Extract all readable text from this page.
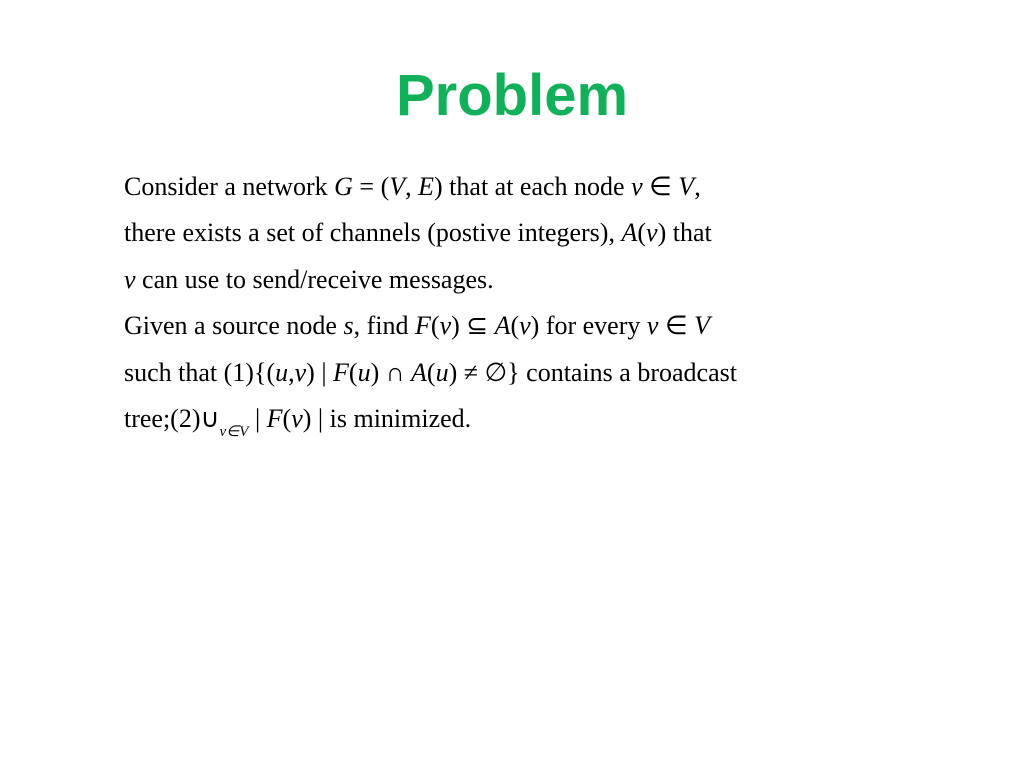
Problem
Consider a network G = (V, E) that at each node v ∈ V,
there exists a set of channels (postive integers), A(v) that
v can use to send/receive messages.
Given a source node s, find F(v) ⊆ A(v) for every v ∈ V
such that (1){(u,v) | F(u) ∩ A(u) ≠ ∅} contains a broadcast
$tree;(2)\cup_{v\in V}$ | F(v) | is minimized.
